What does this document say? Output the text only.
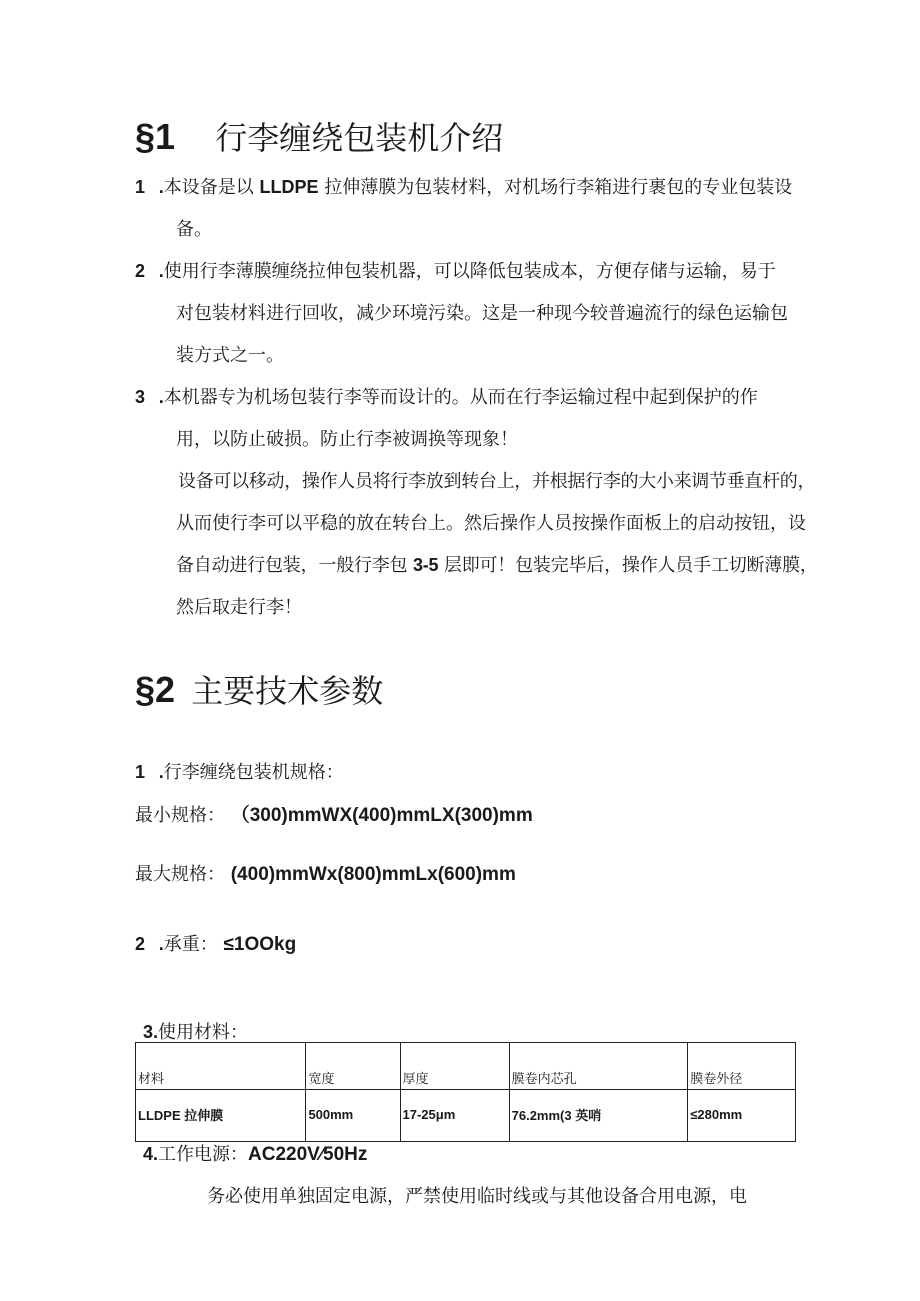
§1 行李缠绕包装机介绍
1 .本设备是以 LLDPE 拉伸薄膜为包装材料，对机场行李箱进行裹包的专业包装设
备。
2 .使用行李薄膜缠绕拉伸包装机器，可以降低包装成本，方便存储与运输，易于
对包装材料进行回收，减少环境污染。这是一种现今较普遍流行的绿色运输包
装方式之一。
3 .本机器专为机场包装行李等而设计的。从而在行李运输过程中起到保护的作
用，以防止破损。防止行李被调换等现象！
设备可以移动，操作人员将行李放到转台上，并根据行李的大小来调节垂直杆的，
从而使行李可以平稳的放在转台上。然后操作人员按操作面板上的启动按钮，设
备自动进行包装，一般行李包 3-5 层即可！包装完毕后，操作人员手工切断薄膜，
然后取走行李！
§2 主要技术参数
1 .行李缠绕包装机规格：
最小规格： （300)mmWX(400)mmLX(300)mm
最大规格： (400)mmWx(800)mmLx(600)mm
2 .承重： ≤1OOkg
3.使用材料：
材料	宽度	厚度	膜卷内芯孔	膜卷外径
LLDPE 拉伸膜	500mm	17-25μm	76.2mm(3 英哨	≤280mm
4.工作电源：AC220V∕50Hz
务必使用单独固定电源，严禁使用临时线或与其他设备合用电源，电
